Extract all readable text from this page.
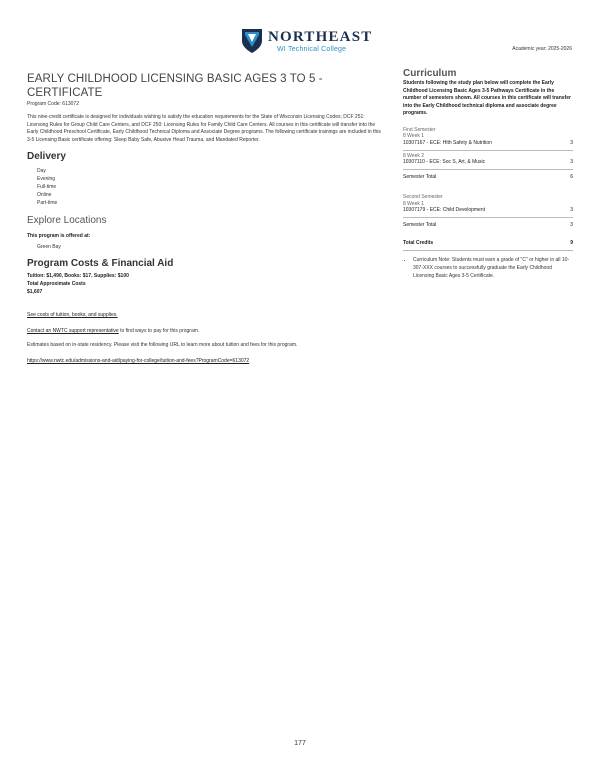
NORTHEAST
WI Technical College	Academic year: 2025-2026
EARLY CHILDHOOD LICENSING BASIC AGES 3 TO 5 - CERTIFICATE
Program Code: 613072
This nine-credit certificate is designed for individuals wishing to satisfy the education requirements for the State of Wisconsin Licensing Codes; DCF 251: Licensing Rules for Group Child Care Centers, and DCF 250: Licensing Rules for Family Child Care Centers. All courses in this certificate will transfer into the Early Childhood Preschool Certificate, Early Childhood Technical Diploma and Associate Degree programs. The following certificate trainings are included in this 3-5 Licensing Basic certificate offering: Sleep Baby Safe, Abusive Head Trauma, and Mandated Reporter.
Delivery
Day
Evening
Full-time
Online
Part-time
Explore Locations
This program is offered at:
Green Bay
Program Costs & Financial Aid
Tuition: $1,490, Books: $17, Supplies: $100
Total Approximate Costs
$1,607
See costs of tuition, books, and supplies.
Contact an NWTC support representative to find ways to pay for this program.
Estimates based on in-state residency. Please visit the following URL to learn more about tuition and fees for this program.
https://www.nwtc.edu/admissions-and-aid/paying-for-college/tuition-and-fees?ProgramCode=613072
Curriculum
Students following the study plan below will complete the Early Childhood Licensing Basic Ages 3-5 Pathways Certificate in the number of semesters shown. All courses in this certificate will transfer into the Early Childhood technical diploma and associate degree programs.
First Semester
8 Week 1
10307167 - ECE: Hlth Safety & Nutrition	3
8 Week 2
10307110 - ECE: Soc S, Art, & Music	3
Semester Total	6
Second Semester
8 Week 1
10307179 - ECE: Child Development	3
Semester Total	3
Total Credits	9
• Curriculum Note: Students must earn a grade of "C" or higher in all 10-307-XXX courses to successfully graduate the Early Childhood Licensing Basic Ages 3-5 Certificate.
177
